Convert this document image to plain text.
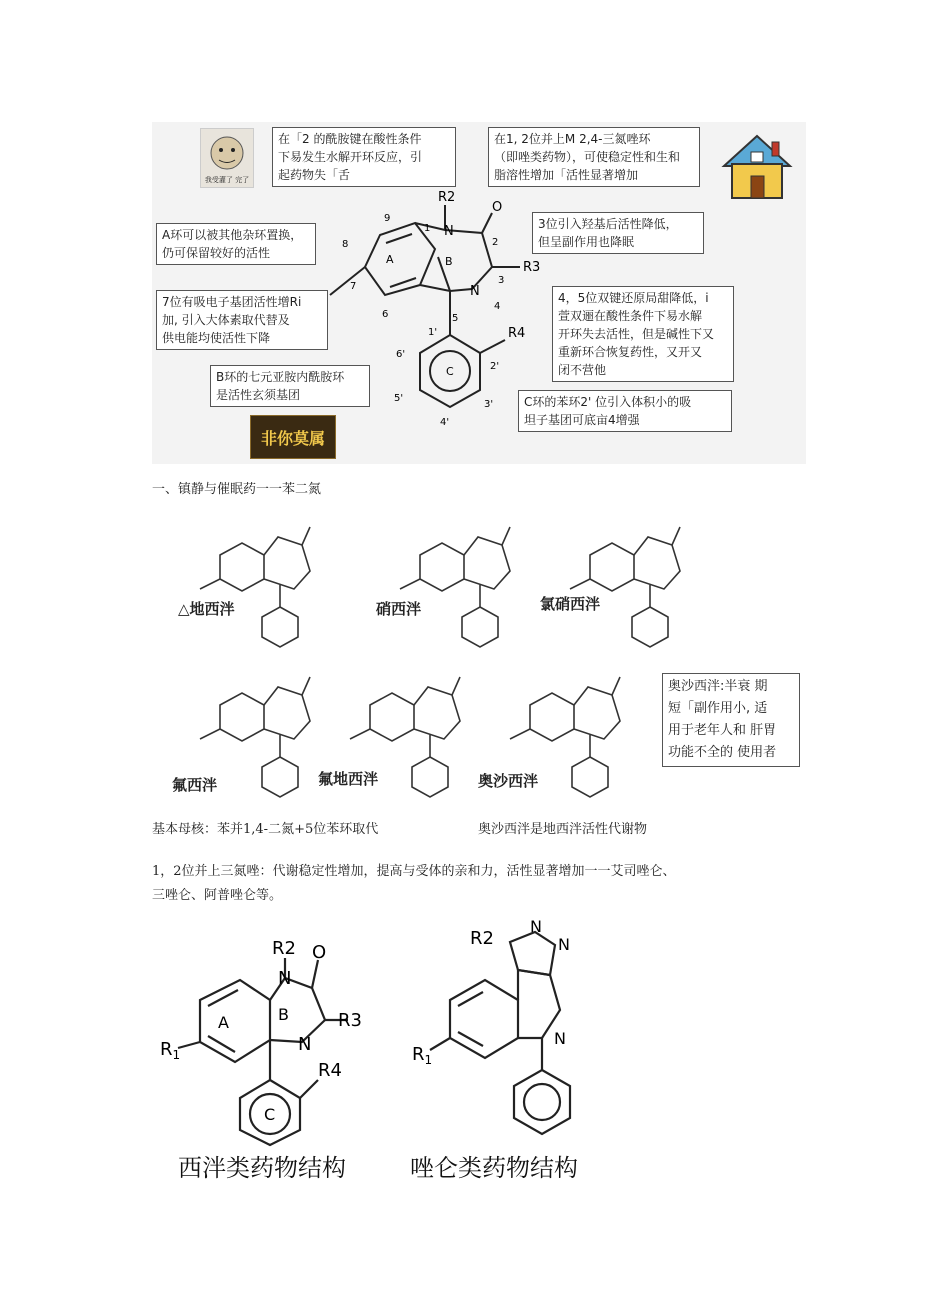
我受灌了 完了
在「2 的酰胺键在酸性条件
下易发生水解开环反应，引
起药物失「舌
在1, 2位并上M 2,4-三氮唑环
（即唑类药物），可使稳定性和生和
脂溶性增加「活性显著增加
A环可以被其他杂环置换，
仍可保留较好的活性
3位引入羟基后活性降低，
但呈副作用也降眠
7位有吸电子基团活性增Ri
加, 引入大体素取代替及
供电能均使活性下降
4，5位双键还原局甜降低，i
萱双逦在酸性条件下易水解
开环失去活性，但是碱性下又
重新环合恢复药性，又开又
闭不营他
B环的七元亚胺内酰胺环
是活性玄须基团	C环的苯环2' 位引入体积小的吸
坦子基团可底亩4增强
非你莫属
R2
N
O
R3
N
R4
A	B
C
1
2
3
4
5
6
7
8
9
1'
2'
3'
4'
5'
6'
一、镇静与催眠药一一苯二氮
△地西泮	硝西泮	氯硝西泮
氟西泮	氟地西泮	奥沙西泮
奥沙西泮:半衰 期
短「副作用小, 适
用于老年人和 肝胃
功能不全的 使用者
基本母核：苯并1,4-二氮+5位苯环取代	奥沙西泮是地西泮活性代谢物
1，2位并上三氮唑：代谢稳定性增加，提高与受体的亲和力，活性显著增加一一艾司唑仑、
三唑仑、阿普唑仑等。
R2
N
O
R3
N
R4
A	B
C
$R_1$
R2
N
N
N
$R_1$
西泮类药物结构	唑仑类药物结构
